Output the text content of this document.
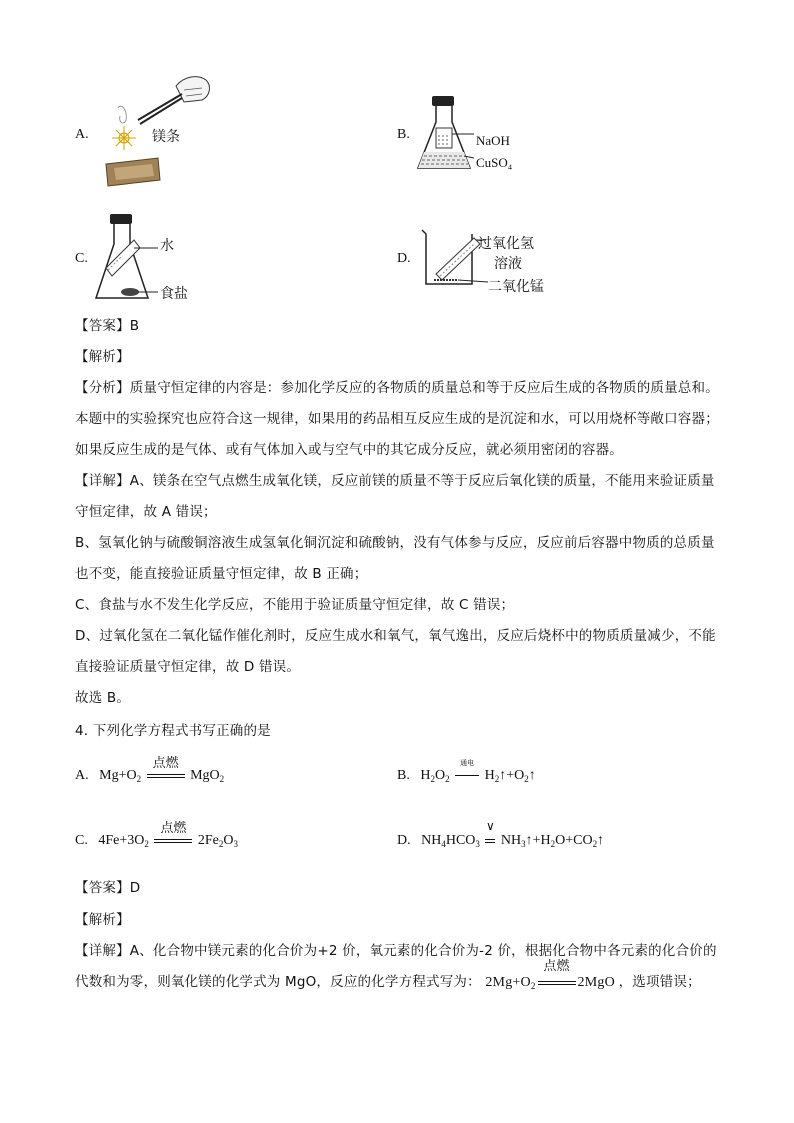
A.	镁条	B.	NaOH
CuSO₄
C.
水
食盐
D.
过氧化氢
溶液
二氧化锰
【答案】B
【解析】
【分析】质量守恒定律的内容是：参加化学反应的各物质的质量总和等于反应后生成的各物质的质量总和。本题中的实验探究也应符合这一规律，如果用的药品相互反应生成的是沉淀和水，可以用烧杯等敞口容器；如果反应生成的是气体、或有气体加入或与空气中的其它成分反应，就必须用密闭的容器。
【详解】A、镁条在空气点燃生成氧化镁，反应前镁的质量不等于反应后氧化镁的质量，不能用来验证质量守恒定律，故 A 错误；
B、氢氧化钠与硫酸铜溶液生成氢氧化铜沉淀和硫酸钠，没有气体参与反应，反应前后容器中物质的总质量也不变，能直接验证质量守恒定律，故 B 正确；
C、食盐与水不发生化学反应，不能用于验证质量守恒定律，故 C 错误；
D、过氧化氢在二氧化锰作催化剂时，反应生成水和氧气，氧气逸出，反应后烧杯中的物质质量减少，不能直接验证质量守恒定律，故 D 错误。
故选 B。
4. 下列化学方程式书写正确的是
A. $Mg+O_2$
点燃
MgO$_2$	B. $H_2O_2$
通电
$H_2↑+O_2↑$
C. $4Fe+3O_2$
点燃
$2Fe_2O_3$	D. $NH_4HCO_3$
∨
$NH_3↑+H_2O+CO_2↑$
【答案】D
【解析】
【详解】A、化合物中镁元素的化合价为+2 价，氧元素的化合价为-2 价，根据化合物中各元素的化合价的代数和为零，则氧化镁的化学式为 MgO，反应的化学方程式写为： $2Mg+O_2$
点燃
2MgO ，选项错误；
